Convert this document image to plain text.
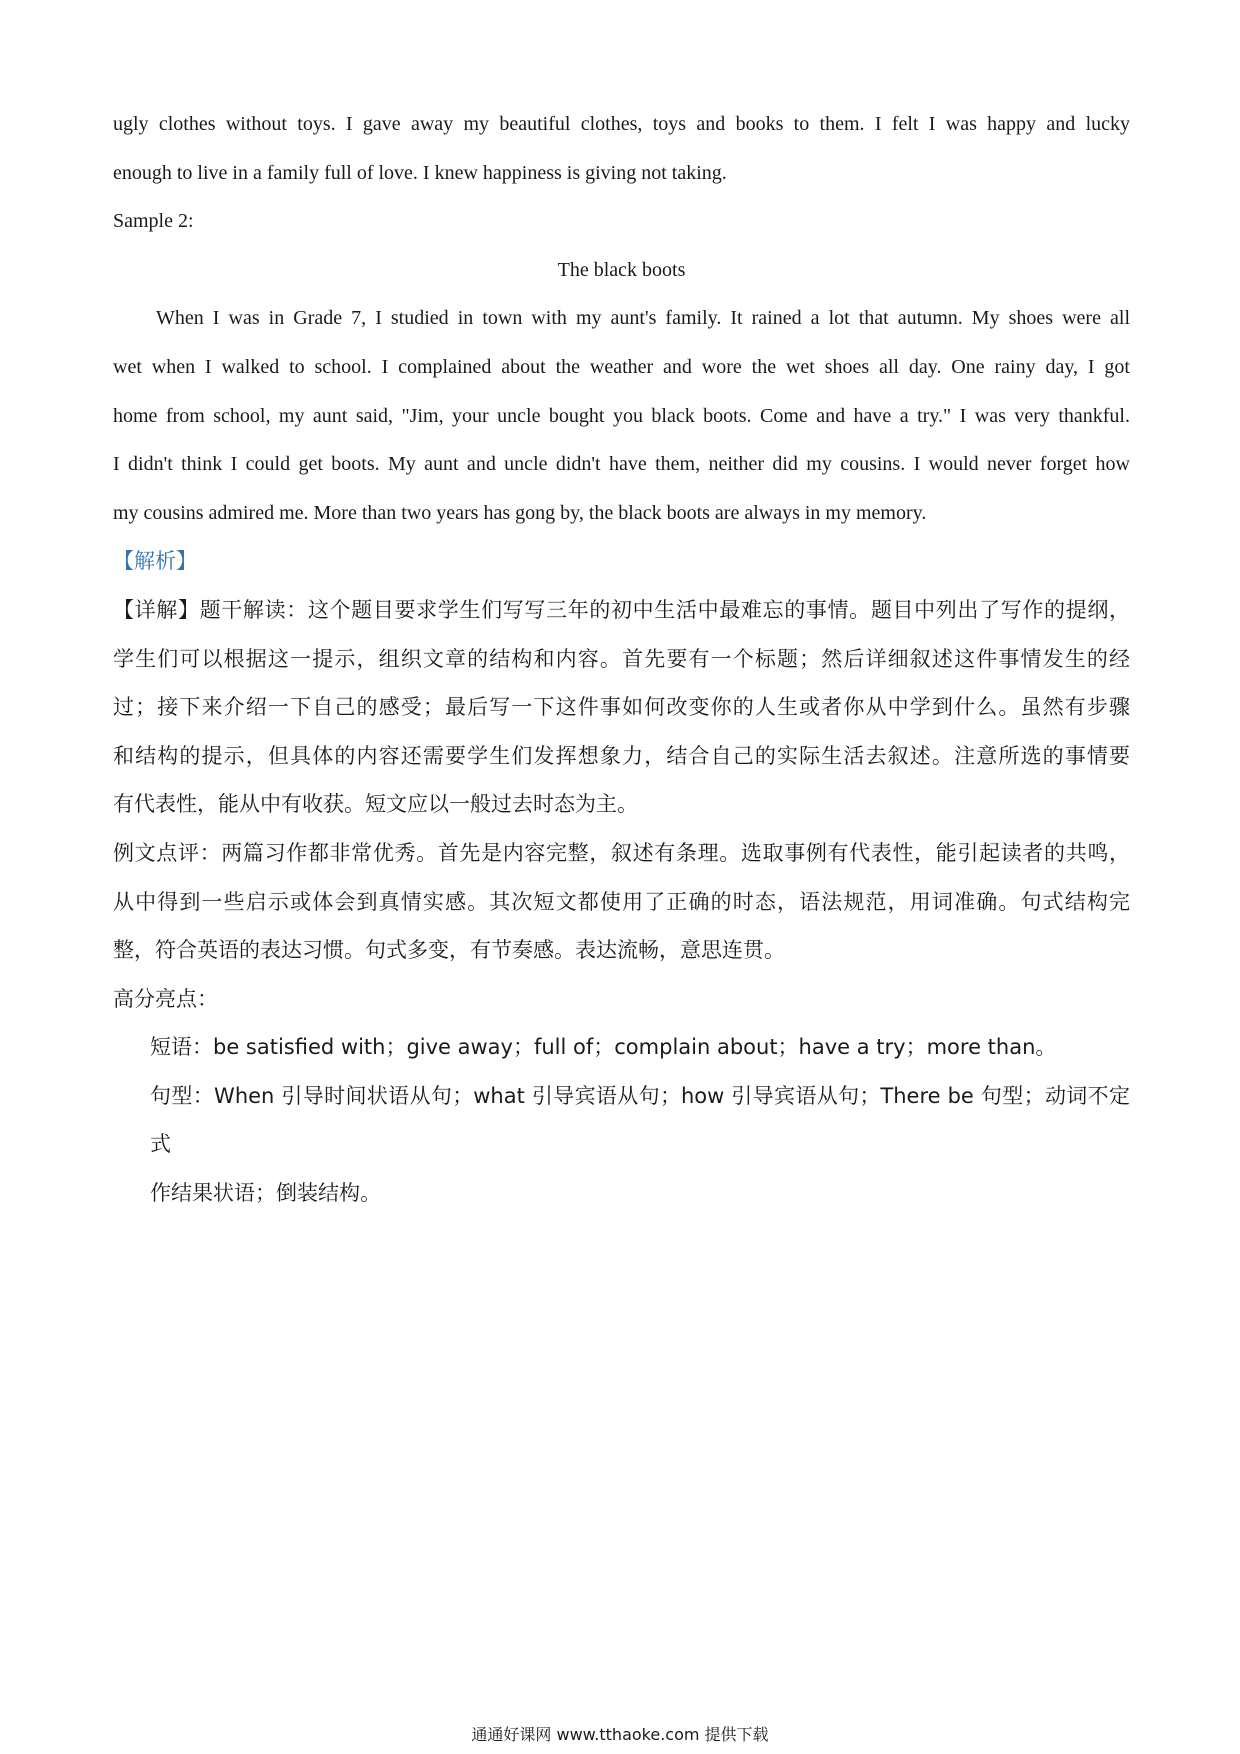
ugly clothes without toys. I gave away my beautiful clothes, toys and books to them. I felt I was happy and lucky
enough to live in a family full of love. I knew happiness is giving not taking.
Sample 2:
The black boots
When I was in Grade 7, I studied in town with my aunt's family. It rained a lot that autumn. My shoes were all
wet when I walked to school. I complained about the weather and wore the wet shoes all day. One rainy day, I got
home from school, my aunt said, "Jim, your uncle bought you black boots. Come and have a try." I was very thankful.
I didn't think I could get boots. My aunt and uncle didn't have them, neither did my cousins. I would never forget how
my cousins admired me. More than two years has gong by, the black boots are always in my memory.
【解析】
【详解】题干解读：这个题目要求学生们写写三年的初中生活中最难忘的事情。题目中列出了写作的提纲，
学生们可以根据这一提示，组织文章的结构和内容。首先要有一个标题；然后详细叙述这件事情发生的经
过；接下来介绍一下自己的感受；最后写一下这件事如何改变你的人生或者你从中学到什么。虽然有步骤
和结构的提示，但具体的内容还需要学生们发挥想象力，结合自己的实际生活去叙述。注意所选的事情要
有代表性，能从中有收获。短文应以一般过去时态为主。
例文点评：两篇习作都非常优秀。首先是内容完整，叙述有条理。选取事例有代表性，能引起读者的共鸣，
从中得到一些启示或体会到真情实感。其次短文都使用了正确的时态，语法规范，用词准确。句式结构完
整，符合英语的表达习惯。句式多变，有节奏感。表达流畅，意思连贯。
高分亮点：
短语：be satisfied with；give away；full of；complain about；have a try；more than。
句型：When 引导时间状语从句；what 引导宾语从句；how 引导宾语从句；There be 句型；动词不定式
作结果状语；倒装结构。
通通好课网 www.tthaoke.com 提供下载
